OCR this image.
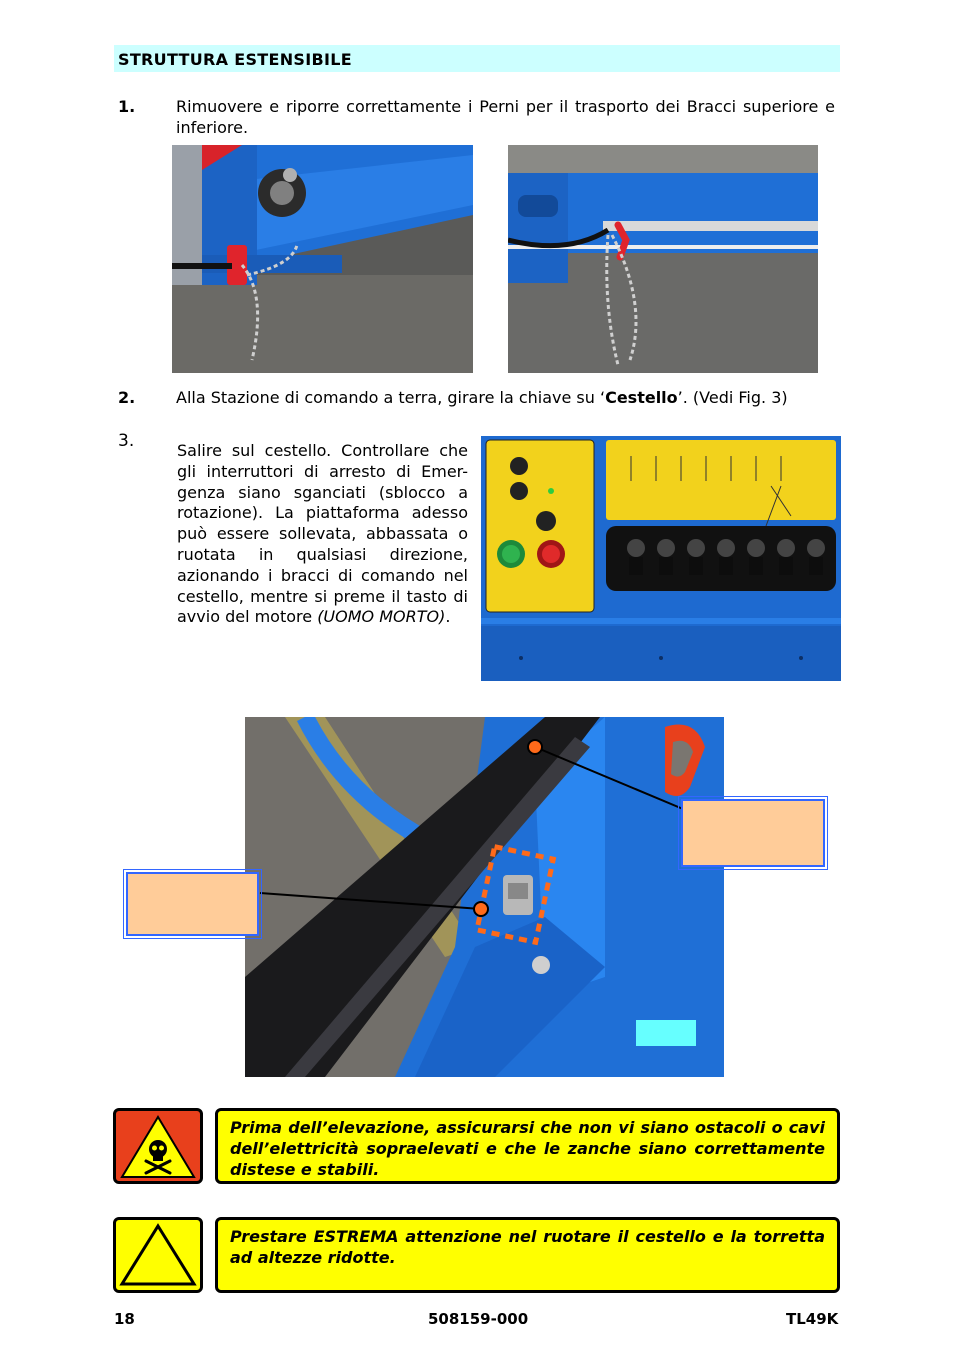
STRUTTURA ESTENSIBILE
1.	Rimuovere e riporre correttamente i Perni per il trasporto dei Bracci superiore e inferiore.
2.	Alla Stazione di comando a terra, girare la chiave su ‘Cestello’. (Vedi Fig. 3)
3.	Salire sul cestello. Controllare che gli interruttori di arresto di Emer-genza siano sganciati (sblocco a rotazione). La piattaforma adesso può essere sollevata, abbassata o ruotata in qualsiasi direzione, azionando i bracci di comando nel cestello, mentre si preme il tasto di avvio del motore (UOMO MORTO).
Prima dell’elevazione, assicurarsi che non vi siano ostacoli o cavi dell’elettricità sopraelevati e che le zanche siano correttamente distese e stabili.
Prestare ESTREMA attenzione nel ruotare il cestello e la torretta ad altezze ridotte.
18	508159-000	TL49K
